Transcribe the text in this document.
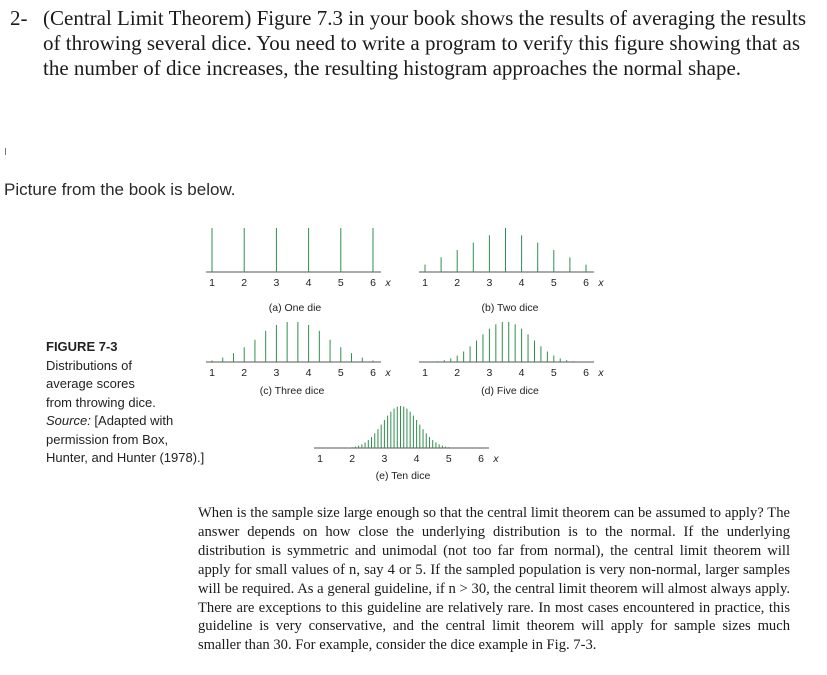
2- (Central Limit Theorem) Figure 7.3 in your book shows the results of averaging the results of throwing several dice. You need to write a program to verify this figure showing that as the number of dice increases, the resulting histogram approaches the normal shape.
Picture from the book is below.
FIGURE 7-3
Distributions of
average scores
from throwing dice.
Source: [Adapted with permission from Box, Hunter, and Hunter (1978).]
1	2	3	4	5	6 x
(a) One die
1	2	3	4	5	6 x
(b) Two dice
1	2	3	4	5	6 x
(c) Three dice
1	2	3	4	5	6 x
(d) Five dice
1	2	3	4	5	6 x
(e) Ten dice
When is the sample size large enough so that the central limit theorem can be assumed to apply? The answer depends on how close the underlying distribution is to the normal. If the underlying distribution is symmetric and unimodal (not too far from normal), the central limit theorem will apply for small values of n, say 4 or 5. If the sampled population is very non-normal, larger samples will be required. As a general guideline, if n > 30, the central limit theorem will almost always apply. There are exceptions to this guideline are relatively rare. In most cases encountered in practice, this guideline is very conservative, and the central limit theorem will apply for sample sizes much smaller than 30. For example, consider the dice example in Fig. 7-3.
